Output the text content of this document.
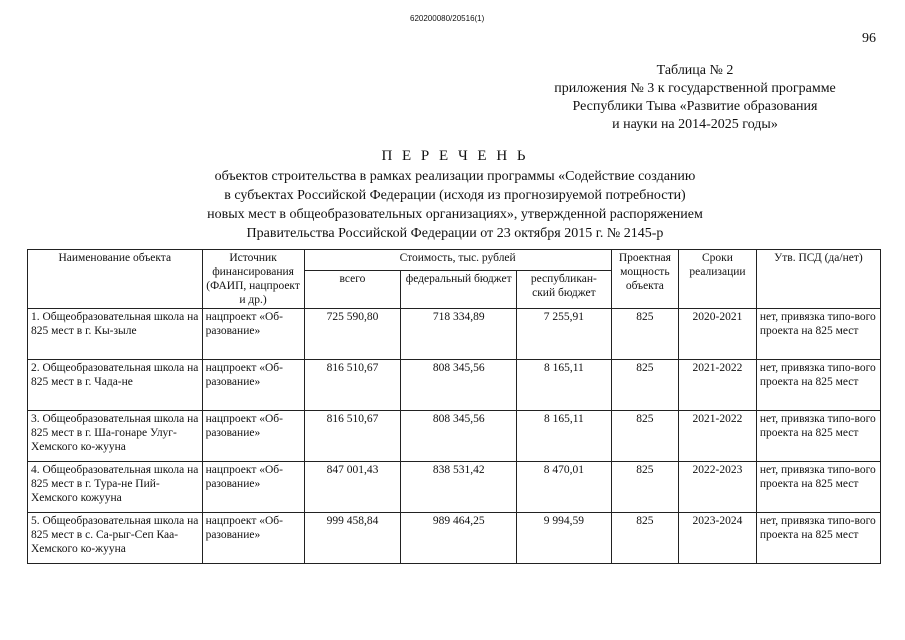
620200080/20516(1)
96
Таблица № 2
приложения № 3 к государственной программе
Республики Тыва «Развитие образования
и науки на 2014-2025 годы»
П Е Р Е Ч Е Н Ь
объектов строительства в рамках реализации программы «Содействие созданию
в субъектах Российской Федерации (исходя из прогнозируемой потребности)
новых мест в общеобразовательных организациях», утвержденной распоряжением
Правительства Российской Федерации от 23 октября 2015 г. № 2145-р
Наименование объекта	Источник финансирования (ФАИП, нацпроект и др.)	Стоимость, тыс. рублей			Проектная мощность объекта	Сроки реализации	Утв. ПСД (да/нет)
		всего	федеральный бюджет	республикан-ский бюджет			
1. Общеобразовательная школа на 825 мест в г. Кы-зыле	нацпроект «Об-разование»	725 590,80	718 334,89	7 255,91	825	2020-2021	нет, привязка типо-вого проекта на 825 мест
2. Общеобразовательная школа на 825 мест в г. Чада-не	нацпроект «Об-разование»	816 510,67	808 345,56	8 165,11	825	2021-2022	нет, привязка типо-вого проекта на 825 мест
3. Общеобразовательная школа на 825 мест в г. Ша-гонаре Улуг-Хемского ко-жууна	нацпроект «Об-разование»	816 510,67	808 345,56	8 165,11	825	2021-2022	нет, привязка типо-вого проекта на 825 мест
4. Общеобразовательная школа на 825 мест в г. Тура-не Пий-Хемского кожууна	нацпроект «Об-разование»	847 001,43	838 531,42	8 470,01	825	2022-2023	нет, привязка типо-вого проекта на 825 мест
5. Общеобразовательная школа на 825 мест в с. Са-рыг-Сеп Каа-Хемского ко-жууна	нацпроект «Об-разование»	999 458,84	989 464,25	9 994,59	825	2023-2024	нет, привязка типо-вого проекта на 825 мест
